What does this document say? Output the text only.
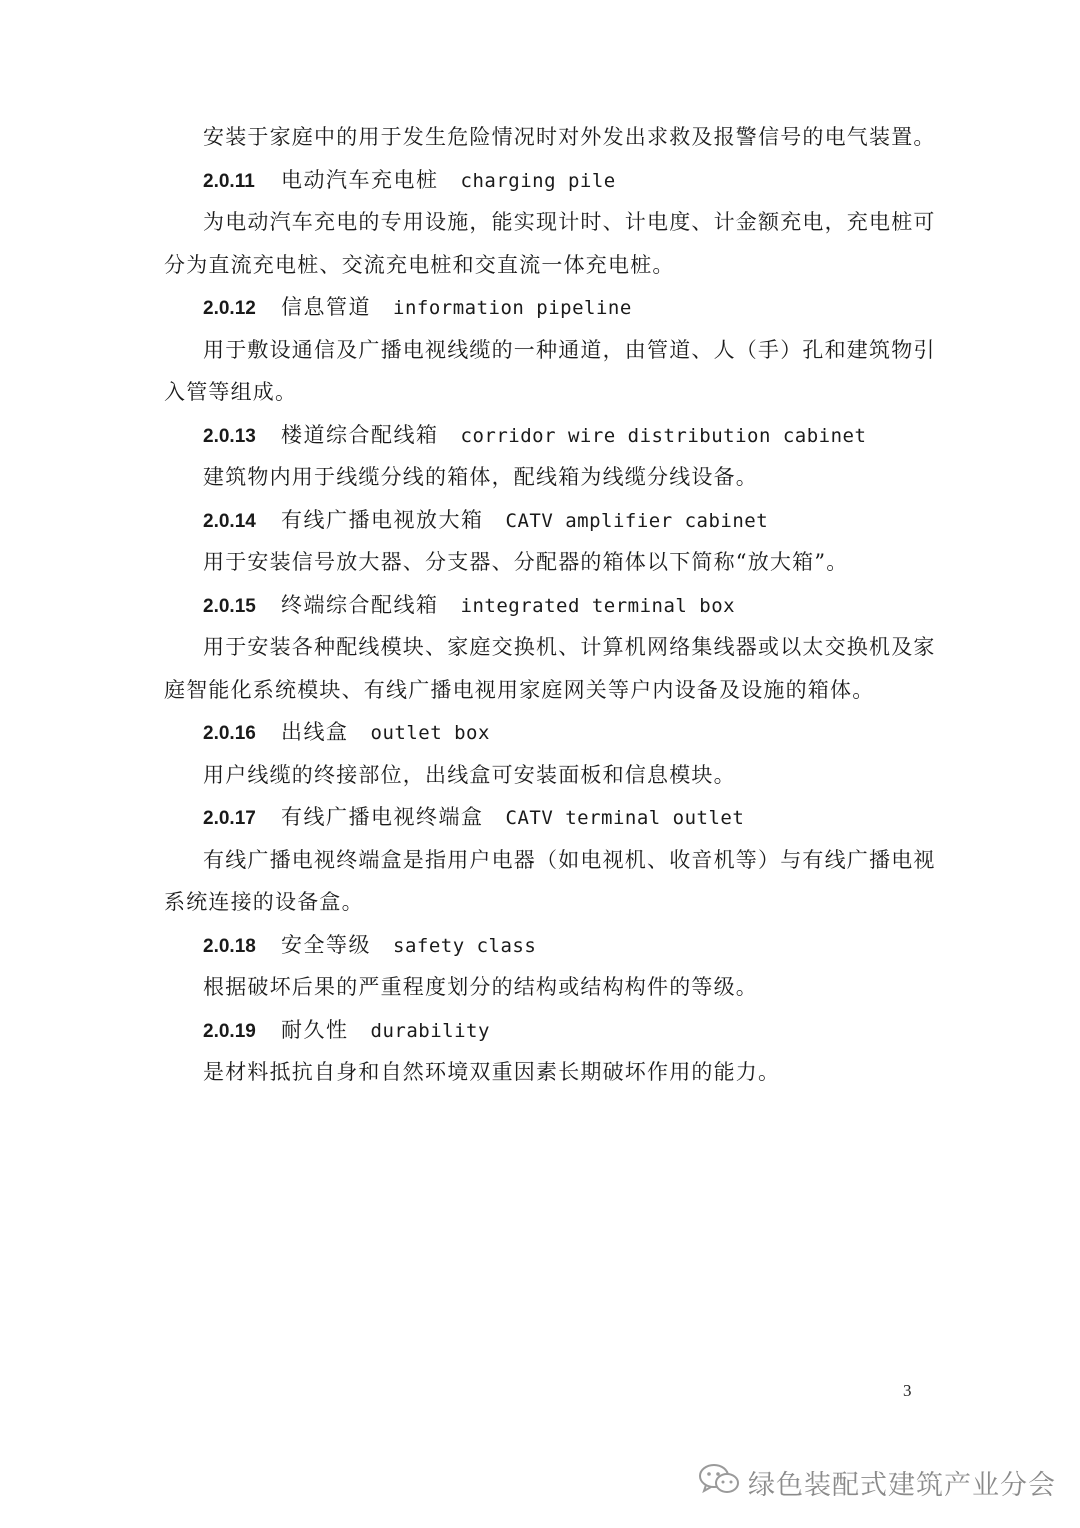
安装于家庭中的用于发生危险情况时对外发出求救及报警信号的电气装置。
2.0.11 电动汽车充电桩 charging pile
为电动汽车充电的专用设施，能实现计时、计电度、计金额充电，充电桩可
分为直流充电桩、交流充电桩和交直流一体充电桩。
2.0.12 信息管道 information pipeline
用于敷设通信及广播电视线缆的一种通道，由管道、人（手）孔和建筑物引
入管等组成。
2.0.13 楼道综合配线箱 corridor wire distribution cabinet
建筑物内用于线缆分线的箱体，配线箱为线缆分线设备。
2.0.14 有线广播电视放大箱 CATV amplifier cabinet
用于安装信号放大器、分支器、分配器的箱体以下简称“放大箱”。
2.0.15 终端综合配线箱 integrated terminal box
用于安装各种配线模块、家庭交换机、计算机网络集线器或以太交换机及家
庭智能化系统模块、有线广播电视用家庭网关等户内设备及设施的箱体。
2.0.16 出线盒 outlet box
用户线缆的终接部位，出线盒可安装面板和信息模块。
2.0.17 有线广播电视终端盒 CATV terminal outlet
有线广播电视终端盒是指用户电器（如电视机、收音机等）与有线广播电视
系统连接的设备盒。
2.0.18 安全等级 safety class
根据破坏后果的严重程度划分的结构或结构构件的等级。
2.0.19 耐久性 durability
是材料抵抗自身和自然环境双重因素长期破坏作用的能力。
3
绿色装配式建筑产业分会
